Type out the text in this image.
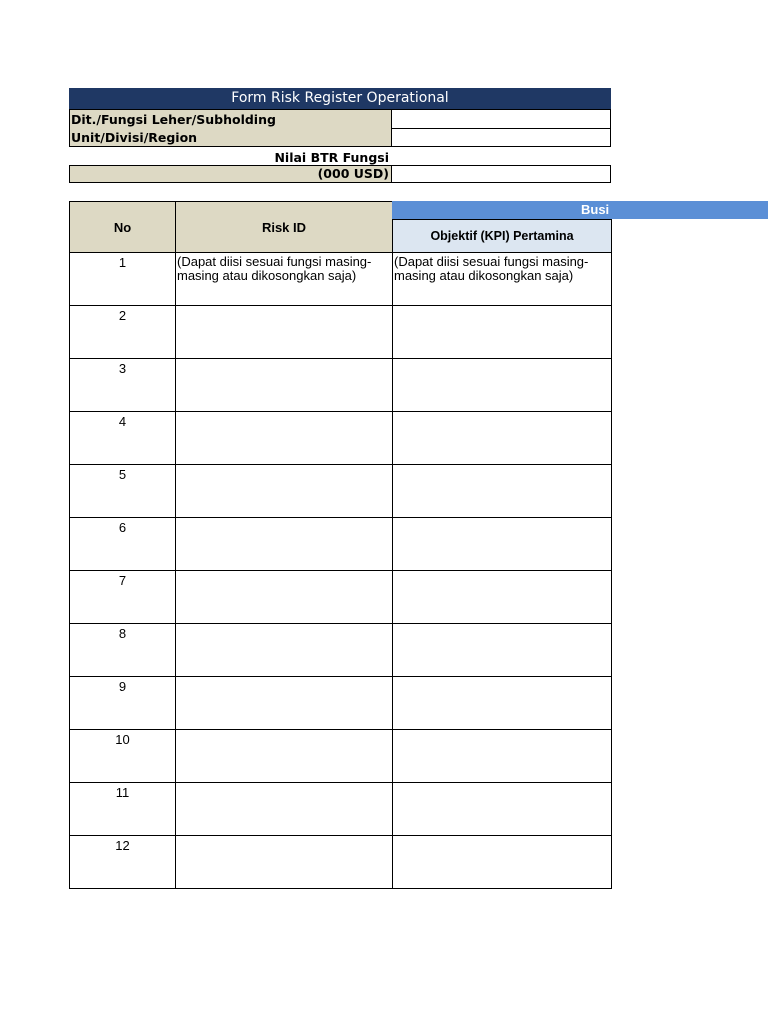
Form Risk Register Operational
Dit./Fungsi Leher/Subholding
Unit/Divisi/Region
Nilai BTR Fungsi
(000 USD)
No	Risk ID	
		Objektif (KPI) Pertamina
1	(Dapat diisi sesuai fungsi masing-
masing atau dikosongkan saja)	(Dapat diisi sesuai fungsi masing-
masing atau dikosongkan saja)
2		
3		
4		
5		
6		
7		
8		
9		
10		
11		
12		
Busi
